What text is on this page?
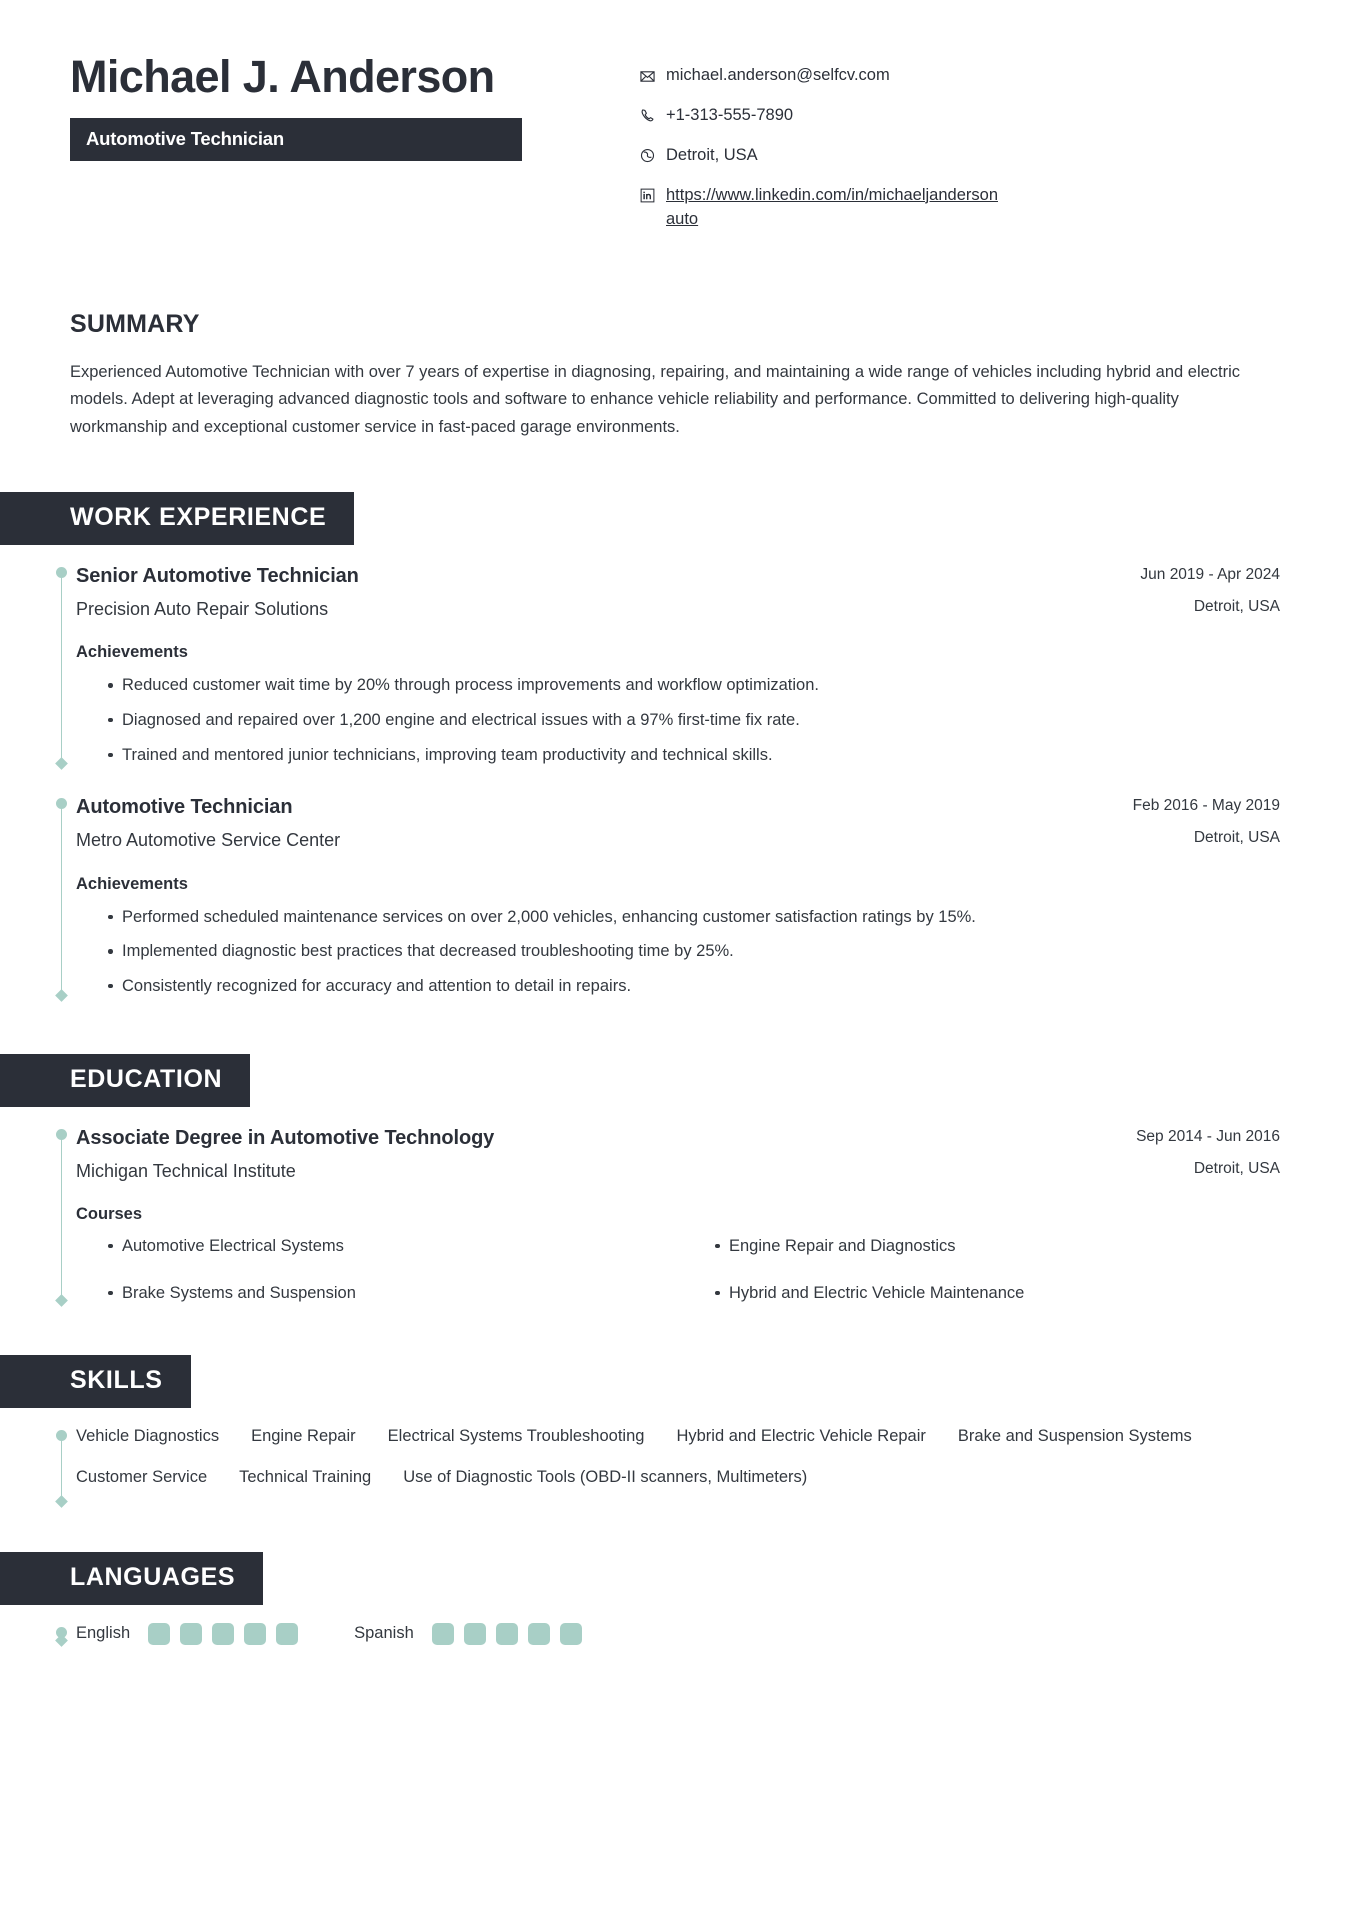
Michael J. Anderson
Automotive Technician
michael.anderson@selfcv.com
+1-313-555-7890
Detroit, USA
https://www.linkedin.com/in/michaeljandersonauto
SUMMARY
Experienced Automotive Technician with over 7 years of expertise in diagnosing, repairing, and maintaining a wide range of vehicles including hybrid and electric models. Adept at leveraging advanced diagnostic tools and software to enhance vehicle reliability and performance. Committed to delivering high-quality workmanship and exceptional customer service in fast-paced garage environments.
WORK EXPERIENCE
Senior Automotive Technician
Precision Auto Repair Solutions
Jun 2019 - Apr 2024
Detroit, USA
Achievements
Reduced customer wait time by 20% through process improvements and workflow optimization.
Diagnosed and repaired over 1,200 engine and electrical issues with a 97% first-time fix rate.
Trained and mentored junior technicians, improving team productivity and technical skills.
Automotive Technician
Metro Automotive Service Center
Feb 2016 - May 2019
Detroit, USA
Achievements
Performed scheduled maintenance services on over 2,000 vehicles, enhancing customer satisfaction ratings by 15%.
Implemented diagnostic best practices that decreased troubleshooting time by 25%.
Consistently recognized for accuracy and attention to detail in repairs.
EDUCATION
Associate Degree in Automotive Technology
Michigan Technical Institute
Sep 2014 - Jun 2016
Detroit, USA
Courses
Automotive Electrical Systems	Engine Repair and Diagnostics
Brake Systems and Suspension	Hybrid and Electric Vehicle Maintenance
SKILLS
Vehicle Diagnostics Engine Repair Electrical Systems Troubleshooting Hybrid and Electric Vehicle Repair Brake and Suspension Systems
Customer Service Technical Training Use of Diagnostic Tools (OBD-II scanners, Multimeters)
LANGUAGES
English	Spanish
